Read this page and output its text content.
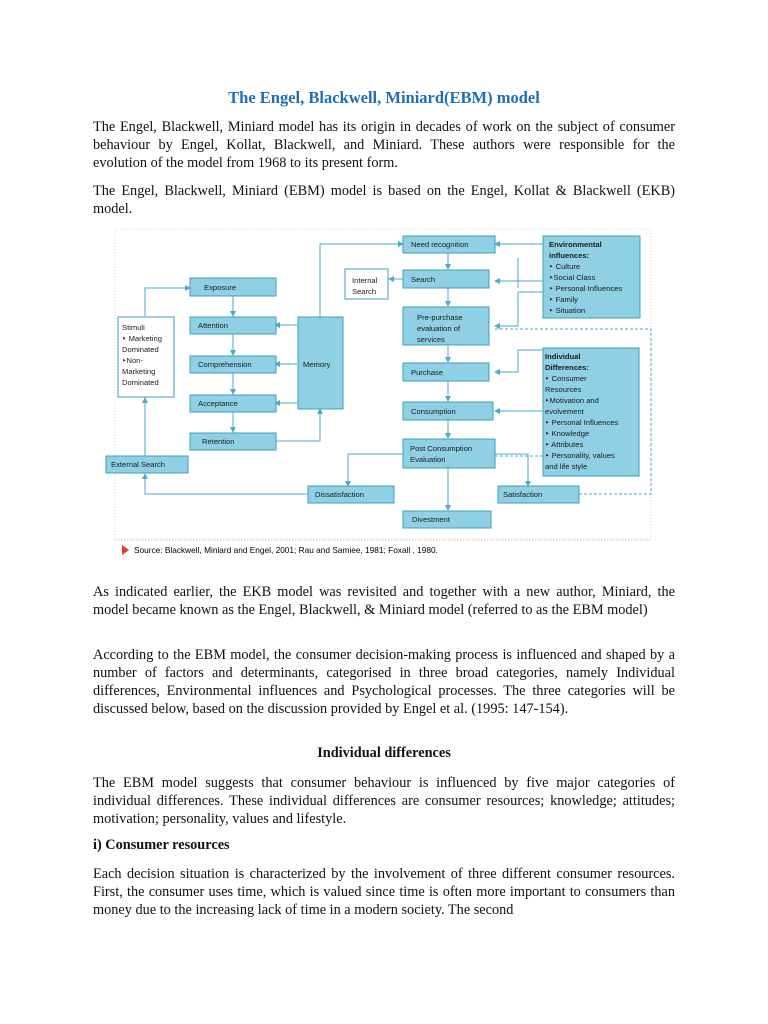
The Engel, Blackwell, Miniard(EBM) model

The Engel, Blackwell, Miniard model has its origin in decades of work on the subject of consumer behaviour by Engel, Kollat, Blackwell, and Miniard. These authors were responsible for the evolution of the model from 1968 to its present form.

The Engel, Blackwell, Miniard (EBM) model is based on the Engel, Kollat & Blackwell (EKB) model.

Exposure
Attention
Comprehension
Acceptance
Retention
Memory
Stimuli
‣ Marketing
Dominated
‣Non-
Marketing
Dominated
External Search
Need recognition
Internal
Search
Search
Pre-purchase
evaluation of
services
Purchase
Consumption
Post Consumption
Evaluation
Divestment
Dissatisfaction	Satisfaction
Environmental
influences:
‣ Culture
‣Social Class
‣ Personal Influences
‣ Family
‣ Situation
Individual
Differences:
‣ Consumer
Resources
‣Motivation and
evolvement
‣ Personal Influences
‣ Knowledge
‣ Attributes
‣ Personality, values
and life style
Source: Blackwell, Miniard and Engel, 2001; Rau and Samiee, 1981; Foxall , 1980.

As indicated earlier, the EKB model was revisited and together with a new author, Miniard, the model became known as the Engel, Blackwell, & Miniard model (referred to as the EBM model)

According to the EBM model, the consumer decision-making process is influenced and shaped by a number of factors and determinants, categorised in three broad categories, namely Individual differences, Environmental influences and Psychological processes. The three categories will be discussed below, based on the discussion provided by Engel et al. (1995: 147-154).

Individual differences

The EBM model suggests that consumer behaviour is influenced by five major categories of individual differences. These individual differences are consumer resources; knowledge; attitudes; motivation; personality, values and lifestyle.

i) Consumer resources

Each decision situation is characterized by the involvement of three different consumer resources. First, the consumer uses time, which is valued since time is often more important to consumers than money due to the increasing lack of time in a modern society. The second
